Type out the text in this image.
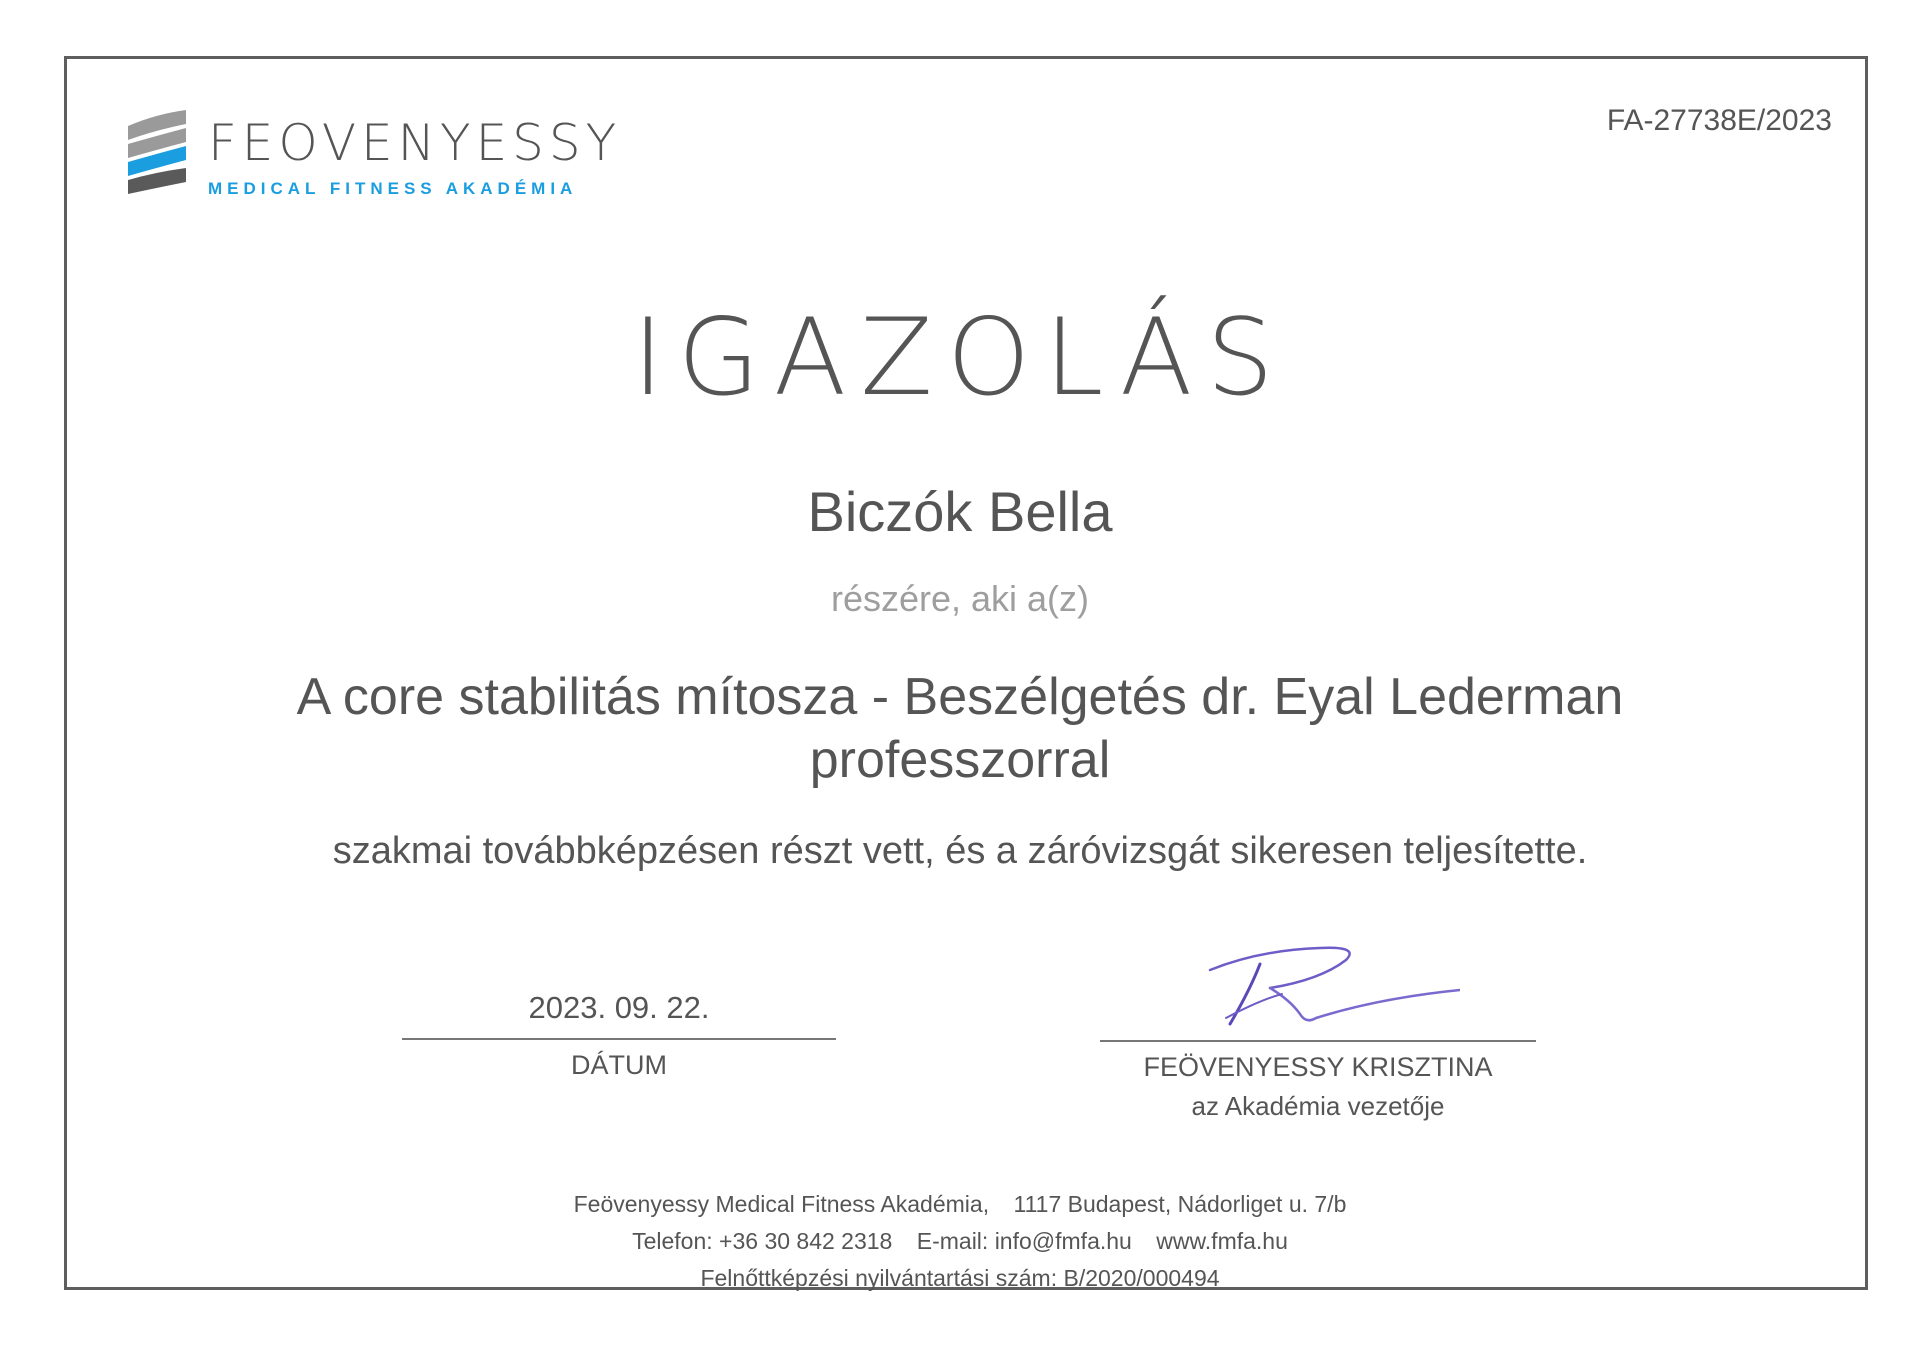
FEOVENYESSY
MEDICAL FITNESS AKADÉMIA
FA-27738E/2023
IGAZOLÁS
Biczók Bella
részére, aki a(z)
A core stabilitás mítosza - Beszélgetés dr. Eyal Lederman professzorral
szakmai továbbképzésen részt vett, és a záróvizsgát sikeresen teljesítette.
2023. 09. 22.
DÁTUM	FEÖVENYESSY KRISZTINA
az Akadémia vezetője
Feövenyessy Medical Fitness Akadémia, 1117 Budapest, Nádorliget u. 7/b
Telefon: +36 30 842 2318 E-mail: info@fmfa.hu www.fmfa.hu
Felnőttképzési nyilvántartási szám: B/2020/000494
